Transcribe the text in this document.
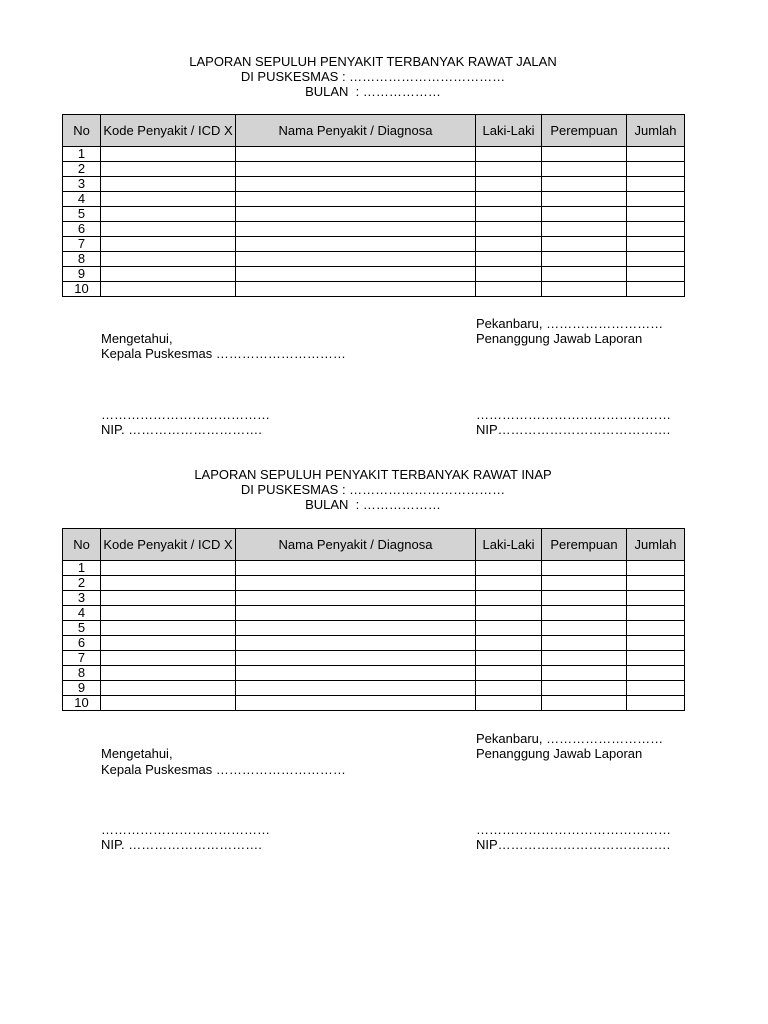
LAPORAN SEPULUH PENYAKIT TERBANYAK RAWAT JALAN
DI PUSKESMAS : ………………………………
BULAN  : ………………
No	Kode Penyakit / ICD X	Nama Penyakit / Diagnosa	Laki-Laki	Perempuan	Jumlah
1					
2					
3					
4					
5					
6					
7					
8					
9					
10					
Pekanbaru, ………………………
Mengetahui,	Penanggung Jawab Laporan
Kepala Puskesmas …………………………
…………………………………	………………………………………
NIP. ………………………….	NIP………………………………….
LAPORAN SEPULUH PENYAKIT TERBANYAK RAWAT INAP
DI PUSKESMAS : ………………………………
BULAN  : ………………
No	Kode Penyakit / ICD X	Nama Penyakit / Diagnosa	Laki-Laki	Perempuan	Jumlah
1					
2					
3					
4					
5					
6					
7					
8					
9					
10					
Pekanbaru, ………………………
Mengetahui,	Penanggung Jawab Laporan
Kepala Puskesmas …………………………
…………………………………	………………………………………
NIP. ………………………….	NIP………………………………….
